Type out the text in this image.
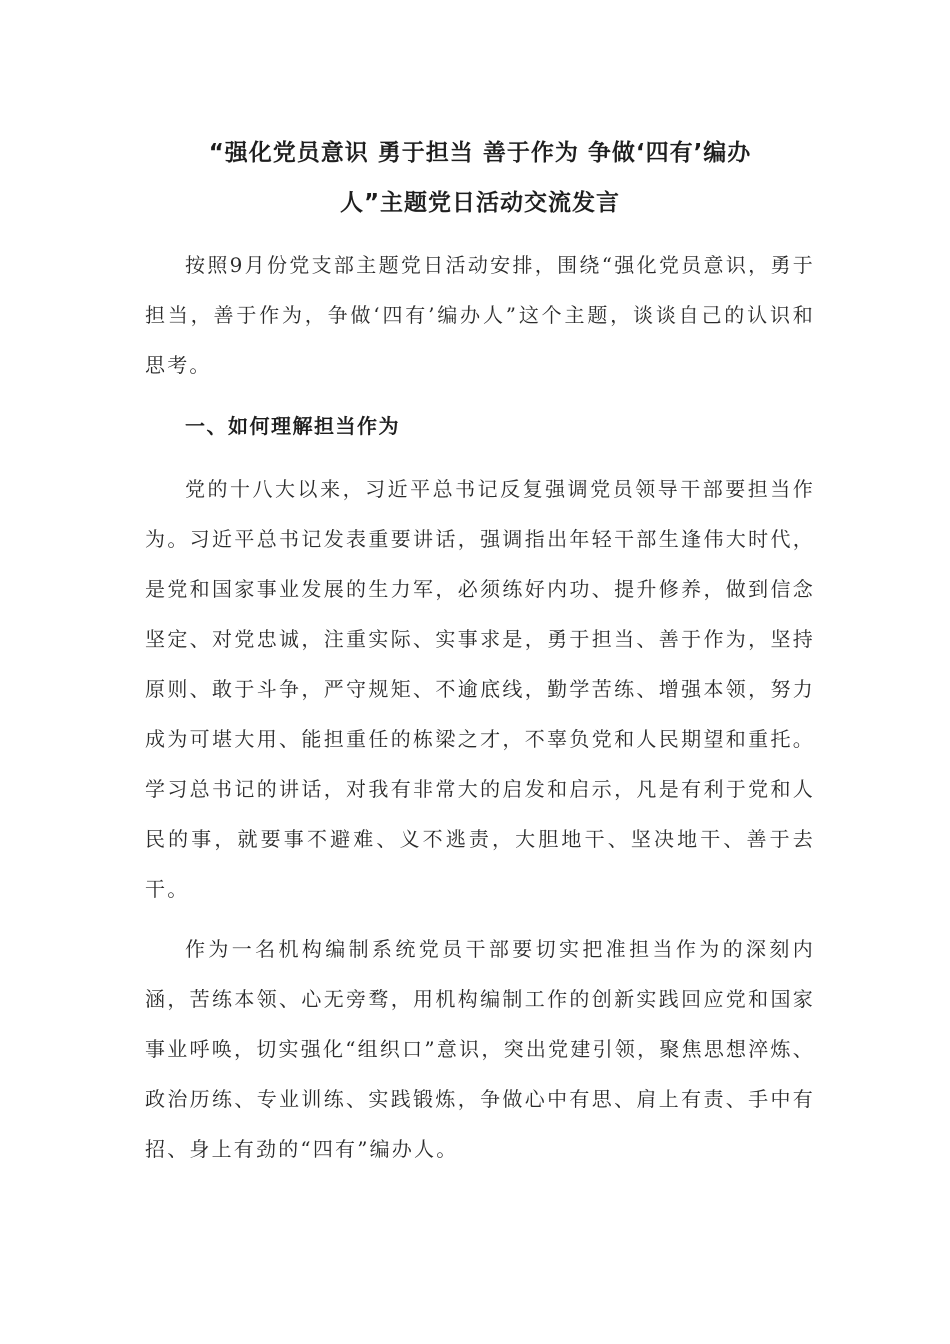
“强化党员意识 勇于担当 善于作为 争做‘四有’编办
人”主题党日活动交流发言

按照9月份党支部主题党日活动安排，围绕“强化党员意识，勇于担当，善于作为，争做‘四有’编办人”这个主题，谈谈自己的认识和思考。

一、如何理解担当作为

党的十八大以来，习近平总书记反复强调党员领导干部要担当作为。习近平总书记发表重要讲话，强调指出年轻干部生逢伟大时代，是党和国家事业发展的生力军，必须练好内功、提升修养，做到信念坚定、对党忠诚，注重实际、实事求是，勇于担当、善于作为，坚持原则、敢于斗争，严守规矩、不逾底线，勤学苦练、增强本领，努力成为可堪大用、能担重任的栋梁之才，不辜负党和人民期望和重托。学习总书记的讲话，对我有非常大的启发和启示，凡是有利于党和人民的事，就要事不避难、义不逃责，大胆地干、坚决地干、善于去干。

作为一名机构编制系统党员干部要切实把准担当作为的深刻内涵，苦练本领、心无旁骛，用机构编制工作的创新实践回应党和国家事业呼唤，切实强化“组织口”意识，突出党建引领，聚焦思想淬炼、政治历练、专业训练、实践锻炼，争做心中有思、肩上有责、手中有招、身上有劲的“四有”编办人。
